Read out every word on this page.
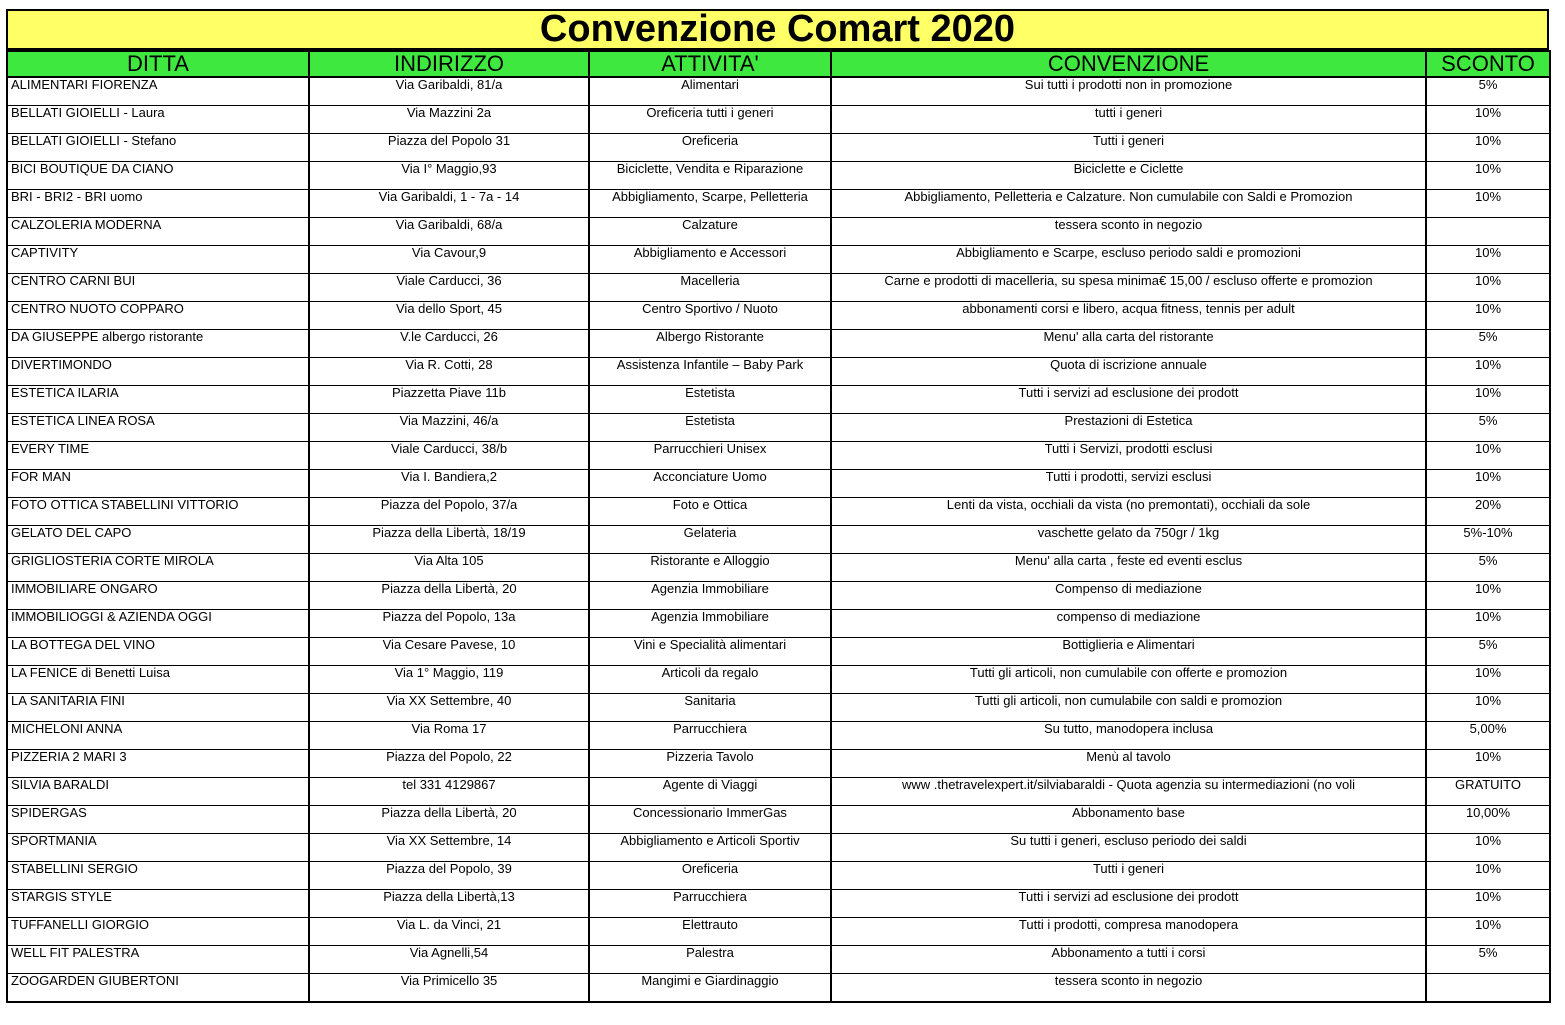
Convenzione Comart 2020
DITTA	INDIRIZZO	ATTIVITA'	CONVENZIONE	SCONTO
ALIMENTARI FIORENZA	Via Garibaldi, 81/a	Alimentari	Sui tutti i prodotti non in promozione	5%
BELLATI GIOIELLI - Laura	Via Mazzini 2a	Oreficeria tutti i generi	tutti i generi	10%
BELLATI GIOIELLI - Stefano	Piazza del Popolo 31	Oreficeria	Tutti i generi	10%
BICI BOUTIQUE DA CIANO	Via I° Maggio,93	Biciclette, Vendita e Riparazione	Biciclette e Ciclette	10%
BRI - BRI2 - BRI uomo	Via Garibaldi, 1 - 7a - 14	Abbigliamento, Scarpe, Pelletteria	Abbigliamento, Pelletteria e Calzature. Non cumulabile con Saldi e Promozion	10%
CALZOLERIA MODERNA	Via Garibaldi, 68/a	Calzature	tessera sconto in negozio	
CAPTIVITY	Via Cavour,9	Abbigliamento e Accessori	Abbigliamento e Scarpe, escluso periodo saldi e promozioni	10%
CENTRO CARNI BUI	Viale Carducci, 36	Macelleria	Carne e prodotti di macelleria, su spesa minima€ 15,00 / escluso offerte e promozion	10%
CENTRO NUOTO COPPARO	Via dello Sport, 45	Centro Sportivo / Nuoto	abbonamenti corsi e libero, acqua fitness, tennis per adult	10%
DA GIUSEPPE albergo ristorante	V.le Carducci, 26	Albergo Ristorante	Menu' alla carta del ristorante	5%
DIVERTIMONDO	Via R. Cotti, 28	Assistenza Infantile – Baby Park	Quota di iscrizione annuale	10%
ESTETICA ILARIA	Piazzetta Piave 11b	Estetista	Tutti i servizi ad esclusione dei prodott	10%
ESTETICA LINEA ROSA	Via Mazzini, 46/a	Estetista	Prestazioni di Estetica	5%
EVERY TIME	Viale Carducci, 38/b	Parrucchieri Unisex	Tutti i Servizi, prodotti esclusi	10%
FOR MAN	Via I. Bandiera,2	Acconciature Uomo	Tutti i prodotti, servizi esclusi	10%
FOTO OTTICA STABELLINI VITTORIO	Piazza del Popolo, 37/a	Foto e Ottica	Lenti da vista, occhiali da vista (no premontati), occhiali da sole	20%
GELATO DEL CAPO	Piazza della Libertà, 18/19	Gelateria	vaschette gelato da 750gr / 1kg	5%-10%
GRIGLIOSTERIA CORTE MIROLA	Via Alta 105	Ristorante e Alloggio	Menu' alla carta , feste ed eventi esclus	5%
IMMOBILIARE ONGARO	Piazza della Libertà, 20	Agenzia Immobiliare	Compenso di mediazione	10%
IMMOBILIOGGI & AZIENDA OGGI	Piazza del Popolo, 13a	Agenzia Immobiliare	compenso di mediazione	10%
LA BOTTEGA DEL VINO	Via Cesare Pavese, 10	Vini e Specialità alimentari	Bottiglieria e Alimentari	5%
LA FENICE di Benetti Luisa	Via 1° Maggio, 119	Articoli da regalo	Tutti gli articoli, non cumulabile con offerte e promozion	10%
LA SANITARIA FINI	Via XX Settembre, 40	Sanitaria	Tutti gli articoli, non cumulabile con saldi e promozion	10%
MICHELONI ANNA	Via Roma 17	Parrucchiera	Su tutto, manodopera inclusa	5,00%
PIZZERIA 2 MARI 3	Piazza del Popolo, 22	Pizzeria Tavolo	Menù al tavolo	10%
SILVIA BARALDI	tel 331 4129867	Agente di Viaggi	www .thetravelexpert.it/silviabaraldi - Quota agenzia su intermediazioni (no voli	GRATUITO
SPIDERGAS	Piazza della Libertà, 20	Concessionario ImmerGas	Abbonamento base	10,00%
SPORTMANIA	Via XX Settembre, 14	Abbigliamento e Articoli Sportiv	Su tutti i generi, escluso periodo dei saldi	10%
STABELLINI SERGIO	Piazza del Popolo, 39	Oreficeria	Tutti i generi	10%
STARGIS STYLE	Piazza della Libertà,13	Parrucchiera	Tutti i servizi ad esclusione dei prodott	10%
TUFFANELLI GIORGIO	Via L. da Vinci, 21	Elettrauto	Tutti i prodotti, compresa manodopera	10%
WELL FIT PALESTRA	Via Agnelli,54	Palestra	Abbonamento a tutti i corsi	5%
ZOOGARDEN GIUBERTONI	Via Primicello 35	Mangimi e Giardinaggio	tessera sconto in negozio	
